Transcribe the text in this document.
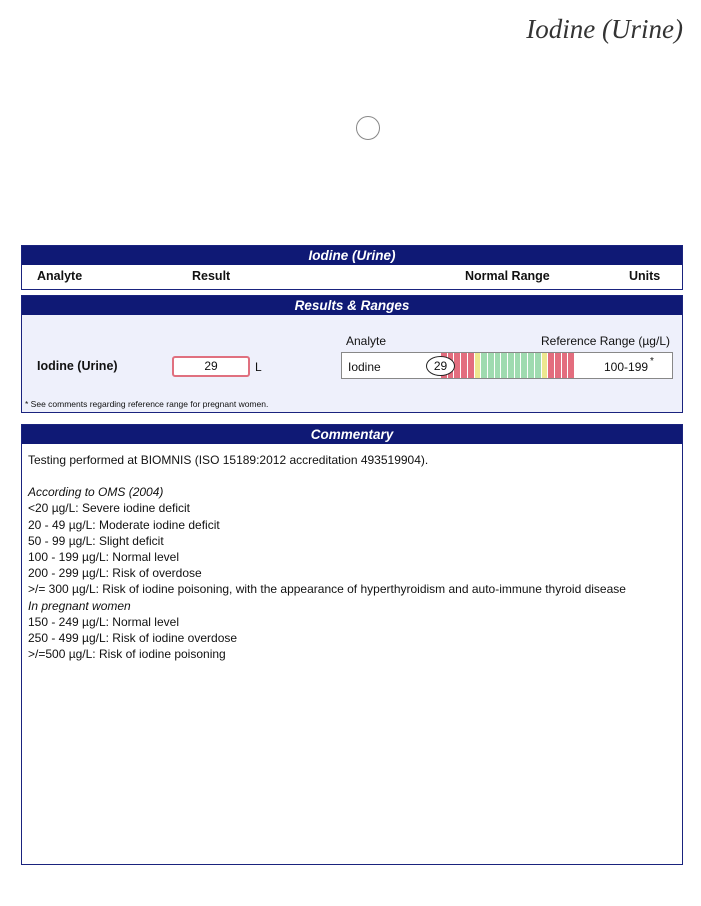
Iodine (Urine)
Iodine (Urine)
Analyte	Result	Normal Range	Units
Results & Ranges
Iodine (Urine)	29	L
Analyte	Reference Range (µg/L)
Iodine	29	100-199 *
* See comments regarding reference range for pregnant women.
Commentary
Testing performed at BIOMNIS (ISO 15189:2012 accreditation 493519904).
According to OMS (2004)
<20 µg/L: Severe iodine deficit
20 - 49 µg/L: Moderate iodine deficit
50 - 99 µg/L: Slight deficit
100 - 199 µg/L: Normal level
200 - 299 µg/L: Risk of overdose
>/= 300 µg/L: Risk of iodine poisoning, with the appearance of hyperthyroidism and auto-immune thyroid disease
In pregnant women
150 - 249 µg/L: Normal level
250 - 499 µg/L: Risk of iodine overdose
>/=500 µg/L: Risk of iodine poisoning
